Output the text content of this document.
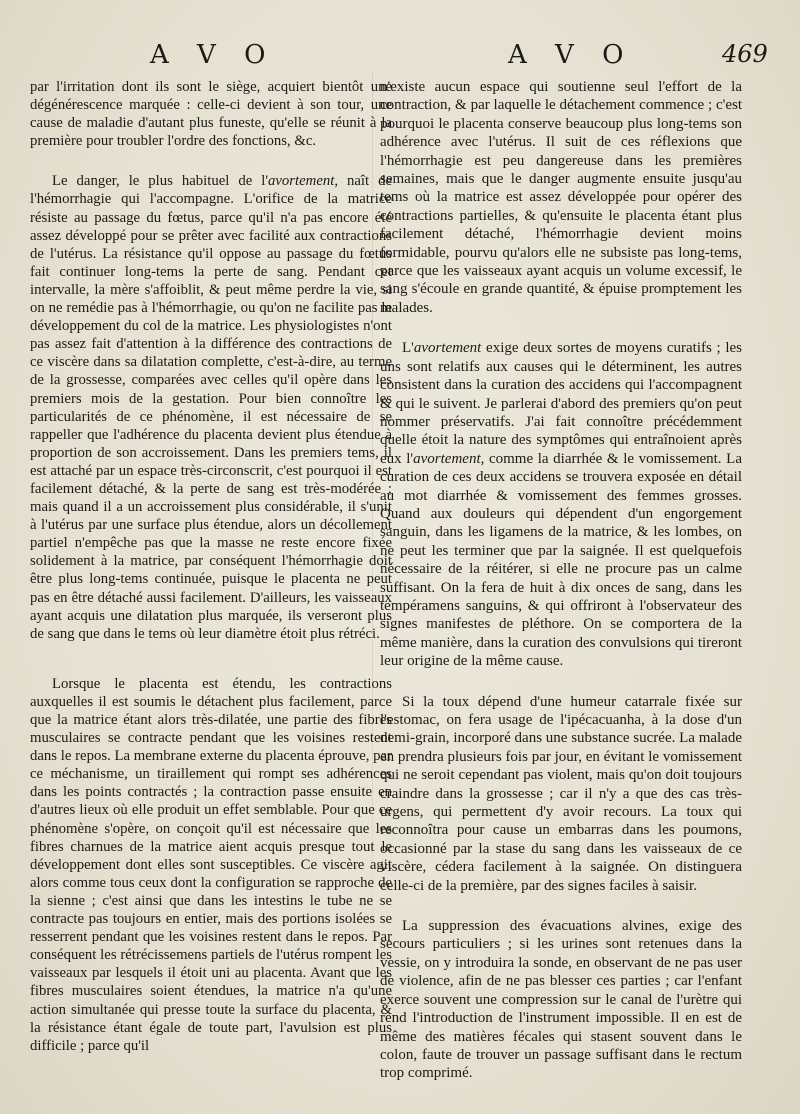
A V O	A V O	469

par l'irritation dont ils sont le siège, acquiert bientôt une dégénérescence marquée : celle-ci devient à son tour, une cause de maladie d'autant plus funeste, qu'elle se réunit à la première pour troubler l'ordre des fonctions, &c.

Le danger, le plus habituel de l'avortement, naît de l'hémorrhagie qui l'accompagne. L'orifice de la matrice résiste au passage du fœtus, parce qu'il n'a pas encore été assez développé pour se prêter avec facilité aux contractions de l'utérus. La résistance qu'il oppose au passage du fœtus fait continuer long-tems la perte de sang. Pendant cet intervalle, la mère s'affoiblit, & peut même perdre la vie, si on ne remédie pas à l'hémorrhagie, ou qu'on ne facilite pas le développement du col de la matrice. Les physiologistes n'ont pas assez fait d'attention à la différence des contractions de ce viscère dans sa dilatation complette, c'est-à-dire, au terme de la grossesse, comparées avec celles qu'il opère dans les premiers mois de la gestation. Pour bien connoître les particularités de ce phénomène, il est nécessaire de se rappeller que l'adhérence du placenta devient plus étendue à proportion de son accroissement. Dans les premiers tems, il est attaché par un espace très-circonscrit, c'est pourquoi il est facilement détaché, & la perte de sang est très-modérée ; mais quand il a un accroissement plus considérable, il s'unit à l'utérus par une surface plus étendue, alors un décollement partiel n'empêche pas que la masse ne reste encore fixée solidement à la matrice, par conséquent l'hémorrhagie doit être plus long-tems continuée, puisque le placenta ne peut pas en être détaché aussi facilement. D'ailleurs, les vaisseaux ayant acquis une dilatation plus marquée, ils verseront plus de sang que dans le tems où leur diamètre étoit plus rétréci.

Lorsque le placenta est étendu, les contractions auxquelles il est soumis le détachent plus facilement, parce que la matrice étant alors très-dilatée, une partie des fibres musculaires se contracte pendant que les voisines restent dans le repos. La membrane externe du placenta éprouve, par ce méchanisme, un tiraillement qui rompt ses adhérences dans les points contractés ; la contraction passe ensuite en d'autres lieux où elle produit un effet semblable. Pour que ce phénomène s'opère, on conçoit qu'il est nécessaire que les fibres charnues de la matrice aient acquis presque tout le développement dont elles sont susceptibles. Ce viscère agit alors comme tous ceux dont la configuration se rapproche de la sienne ; c'est ainsi que dans les intestins le tube ne se contracte pas toujours en entier, mais des portions isolées se resserrent pendant que les voisines restent dans le repos. Par conséquent les rétrécissemens partiels de l'utérus rompent les vaisseaux par lesquels il étoit uni au placenta. Avant que les fibres musculaires soient étendues, la matrice n'a qu'une action simultanée qui presse toute la surface du placenta, & la résistance étant égale de toute part, l'avulsion est plus difficile ; parce qu'il

n'existe aucun espace qui soutienne seul l'effort de la contraction, & par laquelle le détachement commence ; c'est pourquoi le placenta conserve beaucoup plus long-tems son adhérence avec l'utérus. Il suit de ces réflexions que l'hémorrhagie est peu dangereuse dans les premières semaines, mais que le danger augmente ensuite jusqu'au tems où la matrice est assez développée pour opérer des contractions partielles, & qu'ensuite le placenta étant plus facilement détaché, l'hémorrhagie devient moins formidable, pourvu qu'alors elle ne subsiste pas long-tems, parce que les vaisseaux ayant acquis un volume excessif, le sang s'écoule en grande quantité, & épuise promptement les malades.

L'avortement exige deux sortes de moyens curatifs ; les uns sont relatifs aux causes qui le déterminent, les autres consistent dans la curation des accidens qui l'accompagnent & qui le suivent. Je parlerai d'abord des premiers qu'on peut nommer préservatifs. J'ai fait connoître précédemment quelle étoit la nature des symptômes qui entraînoient après eux l'avortement, comme la diarrhée & le vomissement. La curation de ces deux accidens se trouvera exposée en détail au mot diarrhée & vomissement des femmes grosses. Quand aux douleurs qui dépendent d'un engorgement sanguin, dans les ligamens de la matrice, & les lombes, on ne peut les terminer que par la saignée. Il est quelquefois nécessaire de la réitérer, si elle ne procure pas un calme suffisant. On la fera de huit à dix onces de sang, dans les tempéramens sanguins, & qui offriront à l'observateur des signes manifestes de pléthore. On se comportera de la même manière, dans la curation des convulsions qui tireront leur origine de la même cause.

Si la toux dépend d'une humeur catarrale fixée sur l'estomac, on fera usage de l'ipécacuanha, à la dose d'un demi-grain, incorporé dans une substance sucrée. La malade en prendra plusieurs fois par jour, en évitant le vomissement qui ne seroit cependant pas violent, mais qu'on doit toujours craindre dans la grossesse ; car il n'y a que des cas très-urgens, qui permettent d'y avoir recours. La toux qui reconnoîtra pour cause un embarras dans les poumons, occasionné par la stase du sang dans les vaisseaux de ce viscère, cédera facilement à la saignée. On distinguera celle-ci de la première, par des signes faciles à saisir.

La suppression des évacuations alvines, exige des secours particuliers ; si les urines sont retenues dans la vessie, on y introduira la sonde, en observant de ne pas user de violence, afin de ne pas blesser ces parties ; car l'enfant exerce souvent une compression sur le canal de l'urètre qui rend l'introduction de l'instrument impossible. Il en est de même des matières fécales qui stasent souvent dans le colon, faute de trouver un passage suffisant dans le rectum trop comprimé.
